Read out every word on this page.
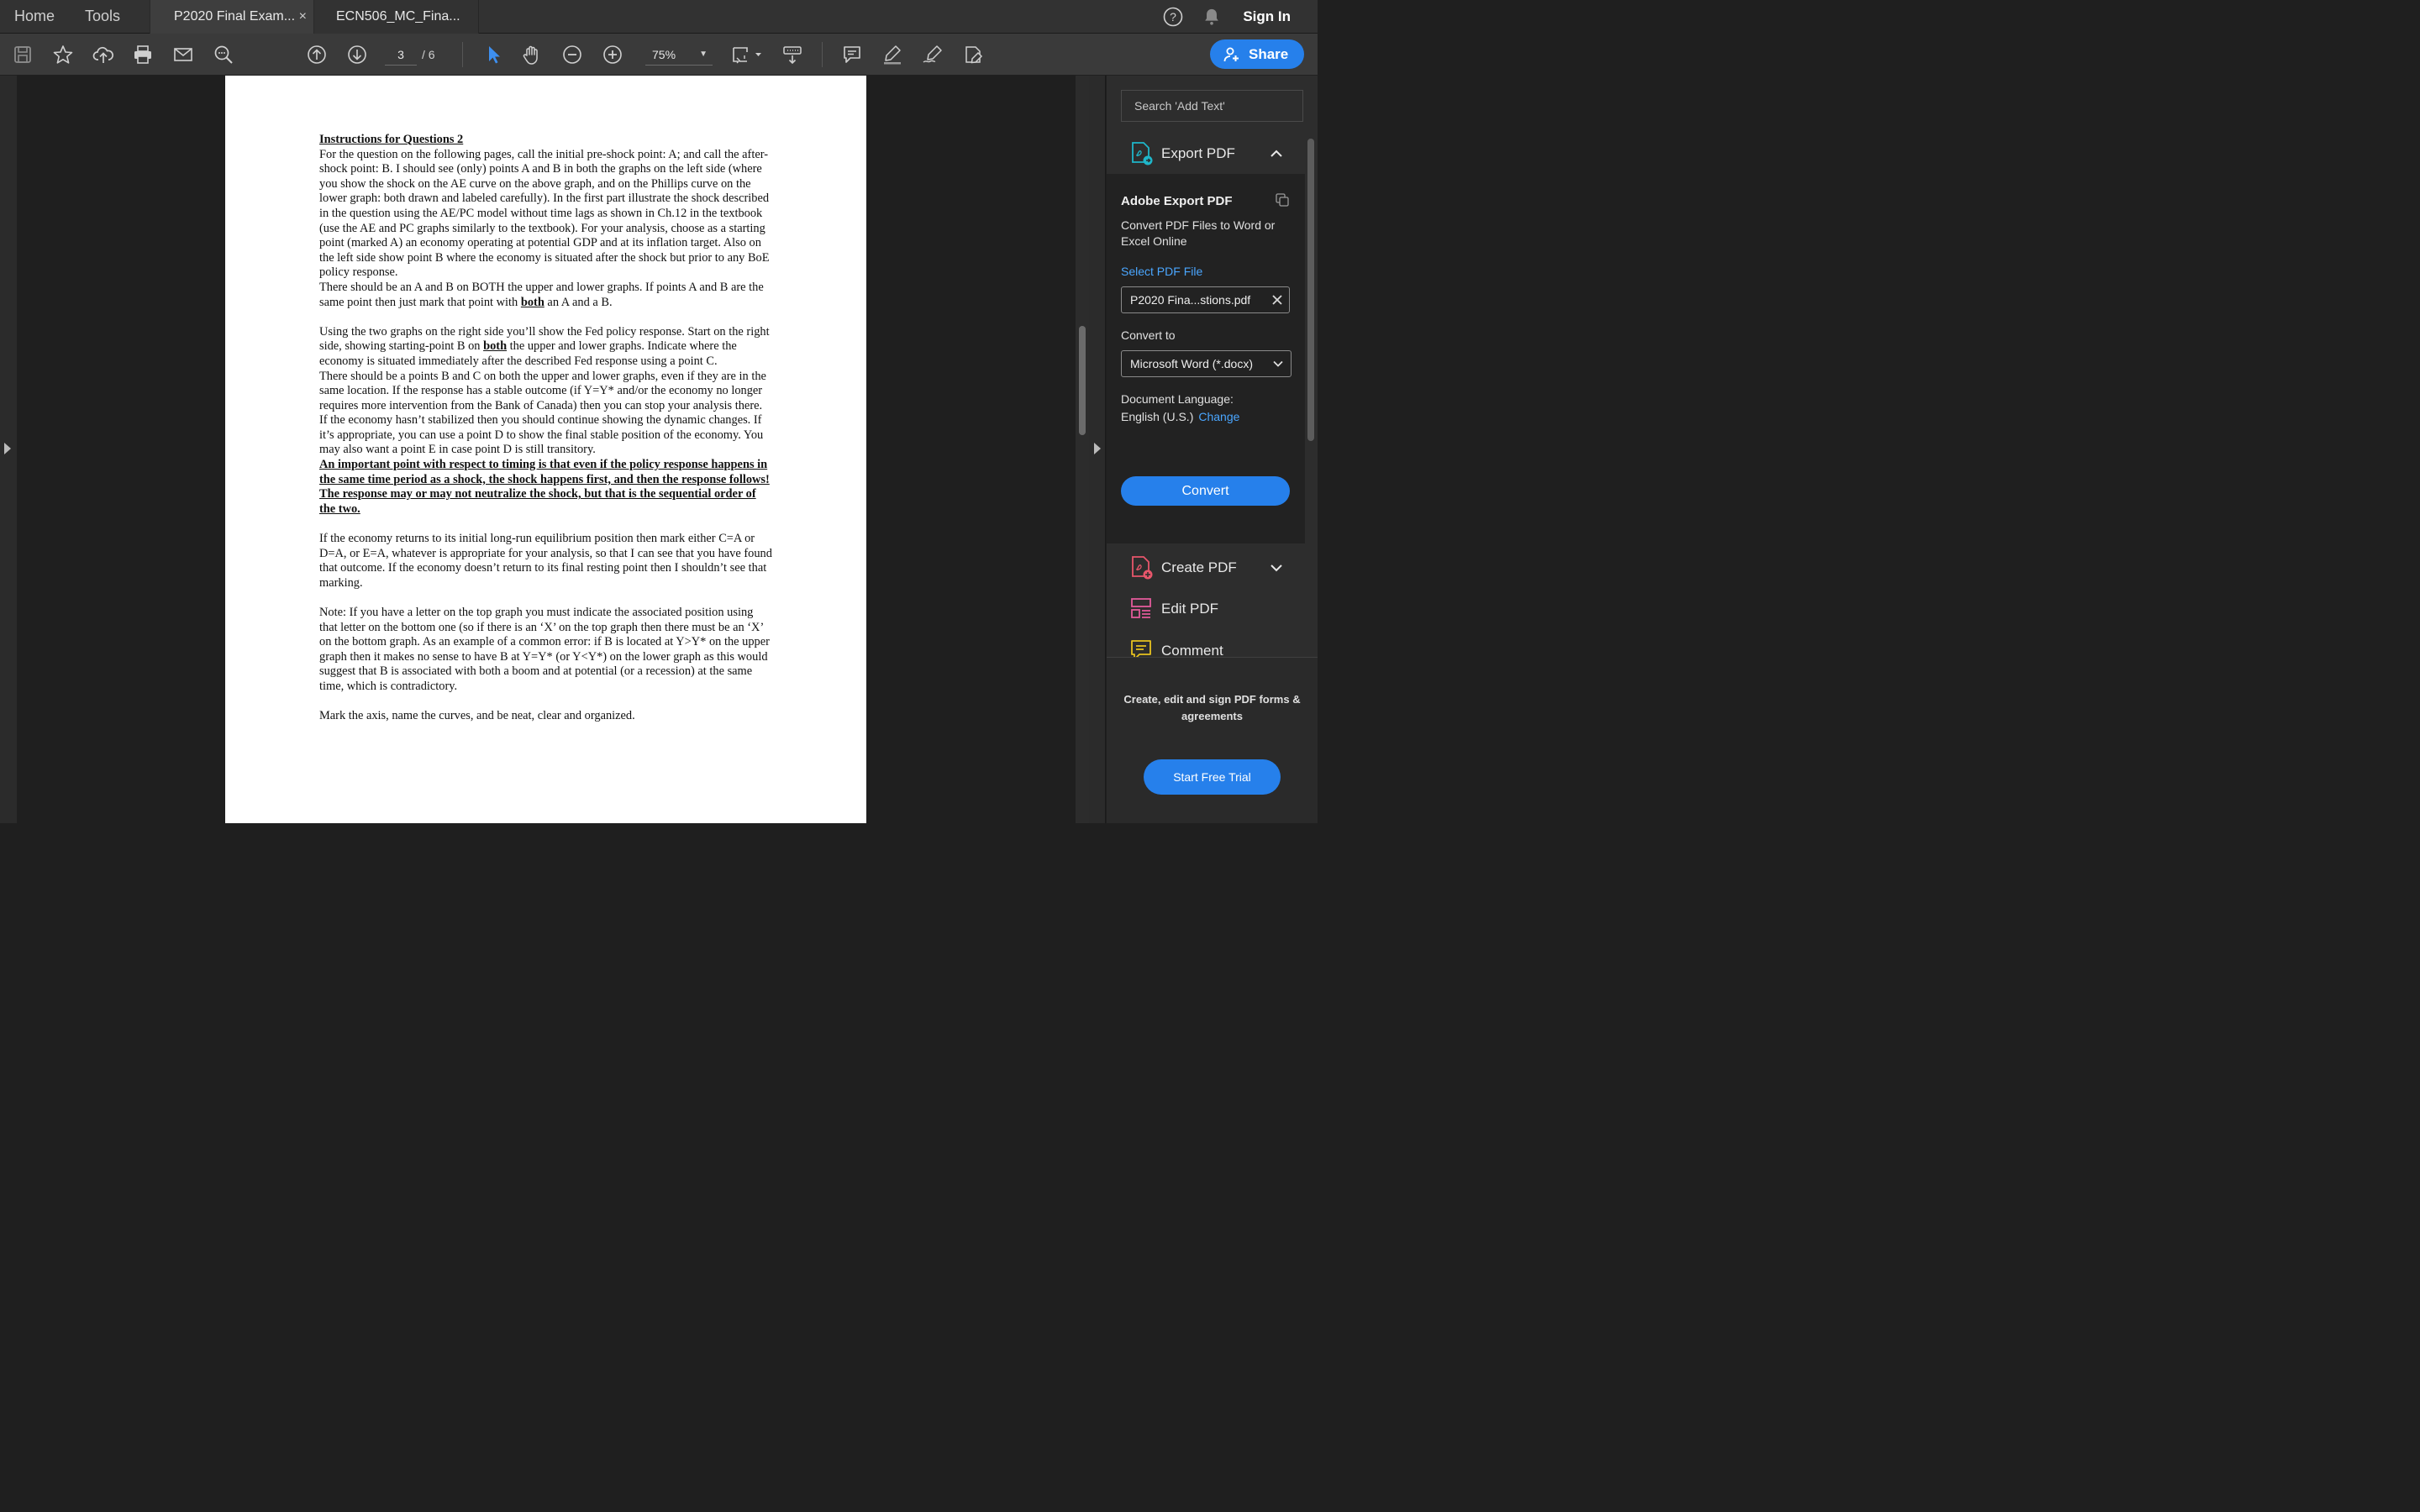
Home Tools	P2020 Final Exam... ×	ECN506_MC_Fina...	?	Sign In
3	/ 6	75%	▼	Share

Instructions for Questions 2

For the question on the following pages, call the initial pre-shock point: A; and call the after-shock point: B. I should see (only) points A and B in both the graphs on the left side (where you show the shock on the AE curve on the above graph, and on the Phillips curve on the lower graph: both drawn and labeled carefully). In the first part illustrate the shock described in the question using the AE/PC model without time lags as shown in Ch.12 in the textbook (use the AE and PC graphs similarly to the textbook). For your analysis, choose as a starting point (marked A) an economy operating at potential GDP and at its inflation target. Also on the left side show point B where the economy is situated after the shock but prior to any BoE policy response.

There should be an A and B on BOTH the upper and lower graphs. If points A and B are the same point then just mark that point with both an A and a B.

Using the two graphs on the right side you’ll show the Fed policy response. Start on the right side, showing starting-point B on both the upper and lower graphs. Indicate where the economy is situated immediately after the described Fed response using a point C.

There should be a points B and C on both the upper and lower graphs, even if they are in the same location. If the response has a stable outcome (if Y=Y* and/or the economy no longer requires more intervention from the Bank of Canada) then you can stop your analysis there.

If the economy hasn’t stabilized then you should continue showing the dynamic changes. If it’s appropriate, you can use a point D to show the final stable position of the economy. You may also want a point E in case point D is still transitory.

An important point with respect to timing is that even if the policy response happens in the same time period as a shock, the shock happens first, and then the response follows! The response may or may not neutralize the shock, but that is the sequential order of the two.

If the economy returns to its initial long-run equilibrium position then mark either C=A or D=A, or E=A, whatever is appropriate for your analysis, so that I can see that you have found that outcome. If the economy doesn’t return to its final resting point then I shouldn’t see that marking.

Note: If you have a letter on the top graph you must indicate the associated position using that letter on the bottom one (so if there is an ‘X’ on the top graph then there must be an ‘X’ on the bottom graph. As an example of a common error: if B is located at Y>Y* on the upper graph then it makes no sense to have B at Y=Y* (or Y<Y*) on the lower graph as this would suggest that B is associated with both a boom and at potential (or a recession) at the same time, which is contradictory.

Mark the axis, name the curves, and be neat, clear and organized.

Search 'Add Text'
Export PDF
Adobe Export PDF
Convert PDF Files to Word or Excel Online
Select PDF File
P2020 Fina...stions.pdf
Convert to
Microsoft Word (*.docx)
Document Language:
English (U.S.) Change
Convert
Create PDF
Edit PDF
Comment
Create, edit and sign PDF forms & agreements
Start Free Trial
